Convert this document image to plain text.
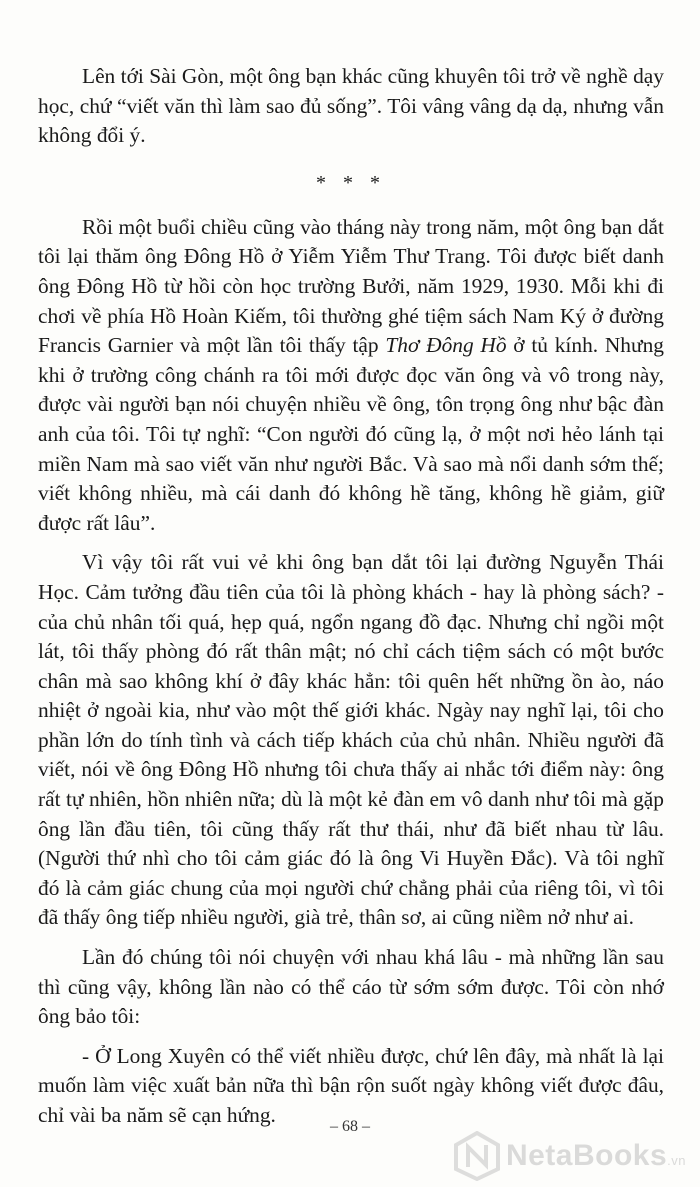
Lên tới Sài Gòn, một ông bạn khác cũng khuyên tôi trở về nghề dạy học, chứ “viết văn thì làm sao đủ sống”. Tôi vâng vâng dạ dạ, nhưng vẫn không đổi ý.

* * *

Rồi một buổi chiều cũng vào tháng này trong năm, một ông bạn dắt tôi lại thăm ông Đông Hồ ở Yiễm Yiễm Thư Trang. Tôi được biết danh ông Đông Hồ từ hồi còn học trường Bưởi, năm 1929, 1930. Mỗi khi đi chơi về phía Hồ Hoàn Kiếm, tôi thường ghé tiệm sách Nam Ký ở đường Francis Garnier và một lần tôi thấy tập Thơ Đông Hồ ở tủ kính. Nhưng khi ở trường công chánh ra tôi mới được đọc văn ông và vô trong này, được vài người bạn nói chuyện nhiều về ông, tôn trọng ông như bậc đàn anh của tôi. Tôi tự nghĩ: “Con người đó cũng lạ, ở một nơi hẻo lánh tại miền Nam mà sao viết văn như người Bắc. Và sao mà nổi danh sớm thế; viết không nhiều, mà cái danh đó không hề tăng, không hề giảm, giữ được rất lâu”.

Vì vậy tôi rất vui vẻ khi ông bạn dắt tôi lại đường Nguyễn Thái Học. Cảm tưởng đầu tiên của tôi là phòng khách - hay là phòng sách? - của chủ nhân tối quá, hẹp quá, ngổn ngang đồ đạc. Nhưng chỉ ngồi một lát, tôi thấy phòng đó rất thân mật; nó chỉ cách tiệm sách có một bước chân mà sao không khí ở đây khác hẳn: tôi quên hết những ồn ào, náo nhiệt ở ngoài kia, như vào một thế giới khác. Ngày nay nghĩ lại, tôi cho phần lớn do tính tình và cách tiếp khách của chủ nhân. Nhiều người đã viết, nói về ông Đông Hồ nhưng tôi chưa thấy ai nhắc tới điểm này: ông rất tự nhiên, hồn nhiên nữa; dù là một kẻ đàn em vô danh như tôi mà gặp ông lần đầu tiên, tôi cũng thấy rất thư thái, như đã biết nhau từ lâu. (Người thứ nhì cho tôi cảm giác đó là ông Vi Huyền Đắc). Và tôi nghĩ đó là cảm giác chung của mọi người chứ chẳng phải của riêng tôi, vì tôi đã thấy ông tiếp nhiều người, già trẻ, thân sơ, ai cũng niềm nở như ai.

Lần đó chúng tôi nói chuyện với nhau khá lâu - mà những lần sau thì cũng vậy, không lần nào có thể cáo từ sớm sớm được. Tôi còn nhớ ông bảo tôi:

- Ở Long Xuyên có thể viết nhiều được, chứ lên đây, mà nhất là lại muốn làm việc xuất bản nữa thì bận rộn suốt ngày không viết được đâu, chỉ vài ba năm sẽ cạn hứng.	– 68 –
NetaBooks.vn
